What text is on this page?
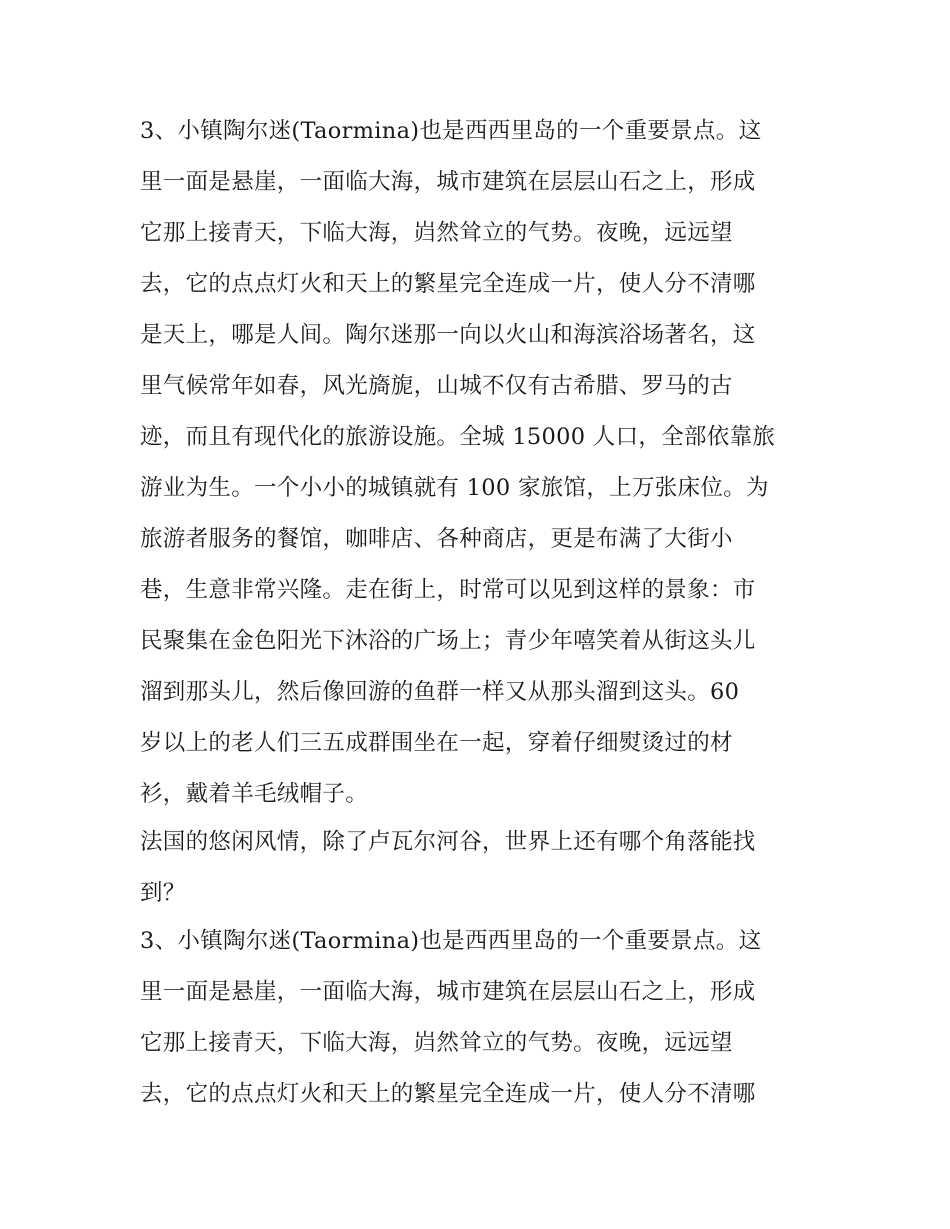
3、小镇陶尔迷(Taormina)也是西西里岛的一个重要景点。这
里一面是悬崖，一面临大海，城市建筑在层层山石之上，形成
它那上接青天，下临大海，岿然耸立的气势。夜晚，远远望
去，它的点点灯火和天上的繁星完全连成一片，使人分不清哪
是天上，哪是人间。陶尔迷那一向以火山和海滨浴场著名，这
里气候常年如春，风光旖旎，山城不仅有古希腊、罗马的古
迹，而且有现代化的旅游设施。全城 15000 人口，全部依靠旅
游业为生。一个小小的城镇就有 100 家旅馆，上万张床位。为
旅游者服务的餐馆，咖啡店、各种商店，更是布满了大街小
巷，生意非常兴隆。走在街上，时常可以见到这样的景象：市
民聚集在金色阳光下沐浴的广场上；青少年嘻笑着从街这头儿
溜到那头儿，然后像回游的鱼群一样又从那头溜到这头。60
岁以上的老人们三五成群围坐在一起，穿着仔细熨烫过的材
衫，戴着羊毛绒帽子。
法国的悠闲风情，除了卢瓦尔河谷，世界上还有哪个角落能找
到？
3、小镇陶尔迷(Taormina)也是西西里岛的一个重要景点。这
里一面是悬崖，一面临大海，城市建筑在层层山石之上，形成
它那上接青天，下临大海，岿然耸立的气势。夜晚，远远望
去，它的点点灯火和天上的繁星完全连成一片，使人分不清哪
